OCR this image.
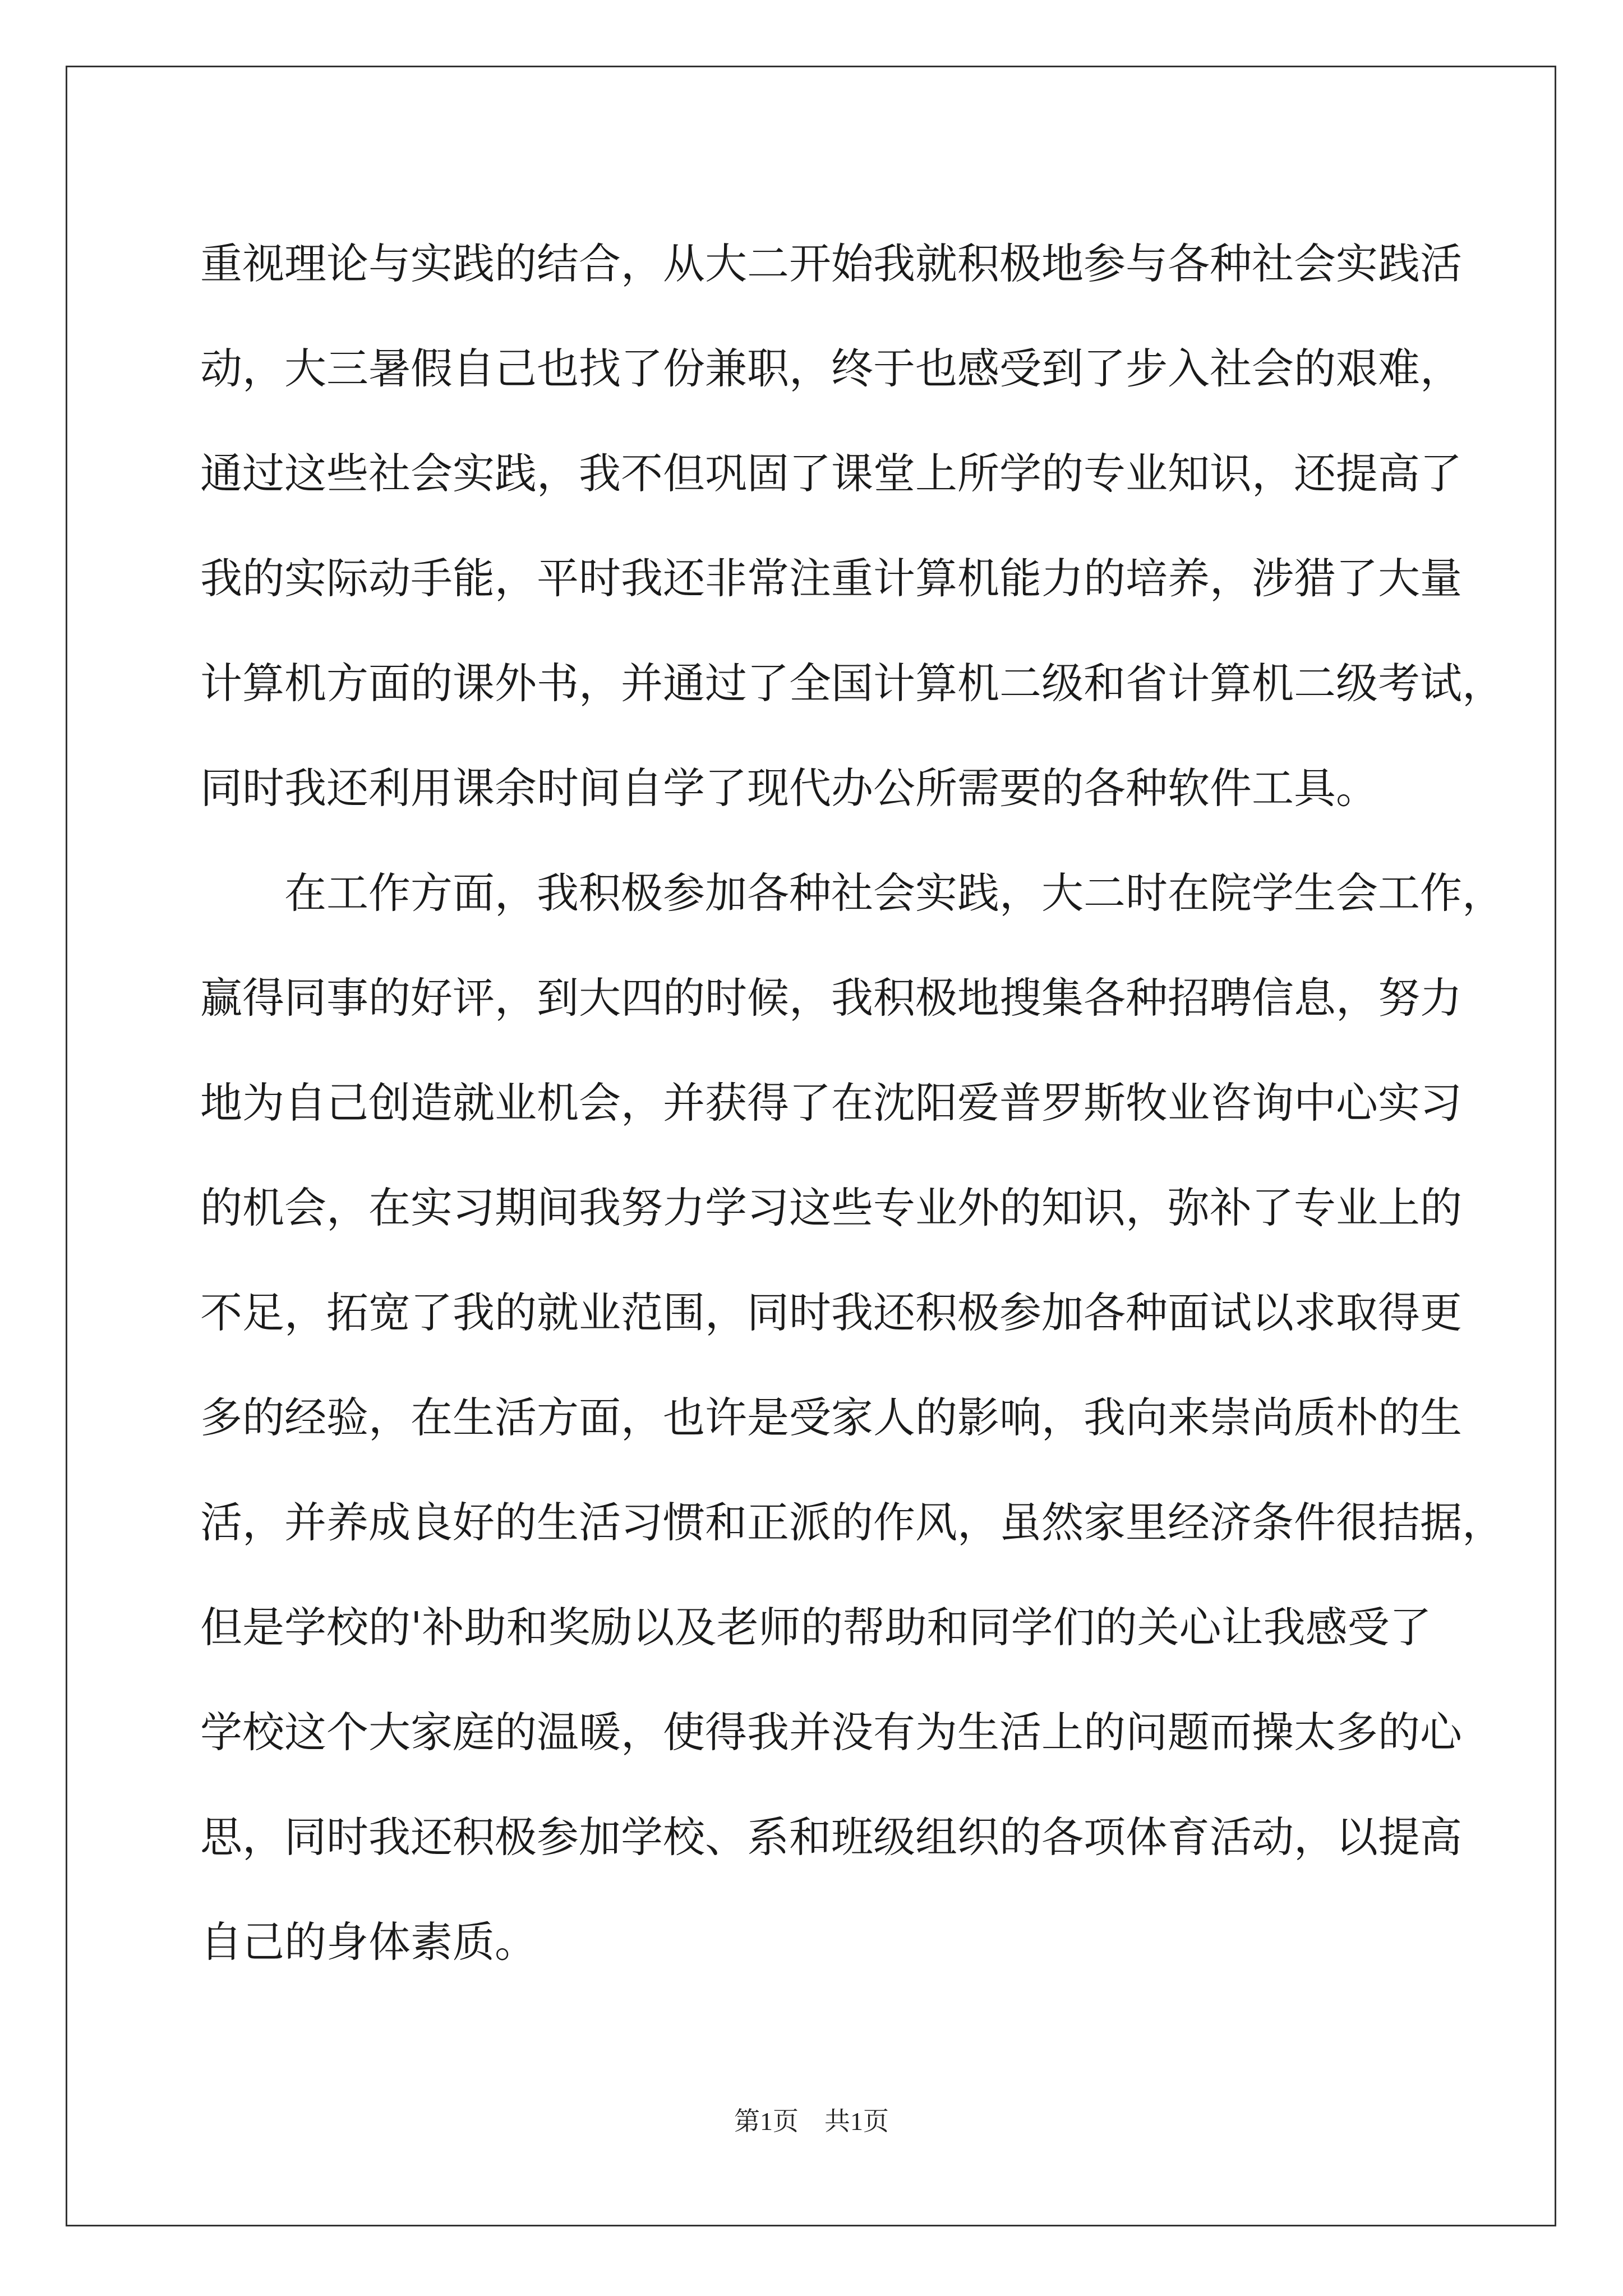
重视理论与实践的结合，从大二开始我就积极地参与各种社会实践活
动，大三暑假自己也找了份兼职，终于也感受到了步入社会的艰难，
通过这些社会实践，我不但巩固了课堂上所学的专业知识，还提高了
我的实际动手能，平时我还非常注重计算机能力的培养，涉猎了大量
计算机方面的课外书，并通过了全国计算机二级和省计算机二级考试，
同时我还利用课余时间自学了现代办公所需要的各种软件工具。
在工作方面，我积极参加各种社会实践，大二时在院学生会工作，
赢得同事的好评，到大四的时候，我积极地搜集各种招聘信息，努力
地为自己创造就业机会，并获得了在沈阳爱普罗斯牧业咨询中心实习
的机会，在实习期间我努力学习这些专业外的知识，弥补了专业上的
不足，拓宽了我的就业范围，同时我还积极参加各种面试以求取得更
多的经验，在生活方面，也许是受家人的影响，我向来崇尚质朴的生
活，并养成良好的生活习惯和正派的作风，虽然家里经济条件很拮据，
但是学校的'补助和奖励以及老师的帮助和同学们的关心让我感受了
学校这个大家庭的温暖，使得我并没有为生活上的问题而操太多的心
思，同时我还积极参加学校、系和班级组织的各项体育活动，以提高
自己的身体素质。
第1页 共1页
